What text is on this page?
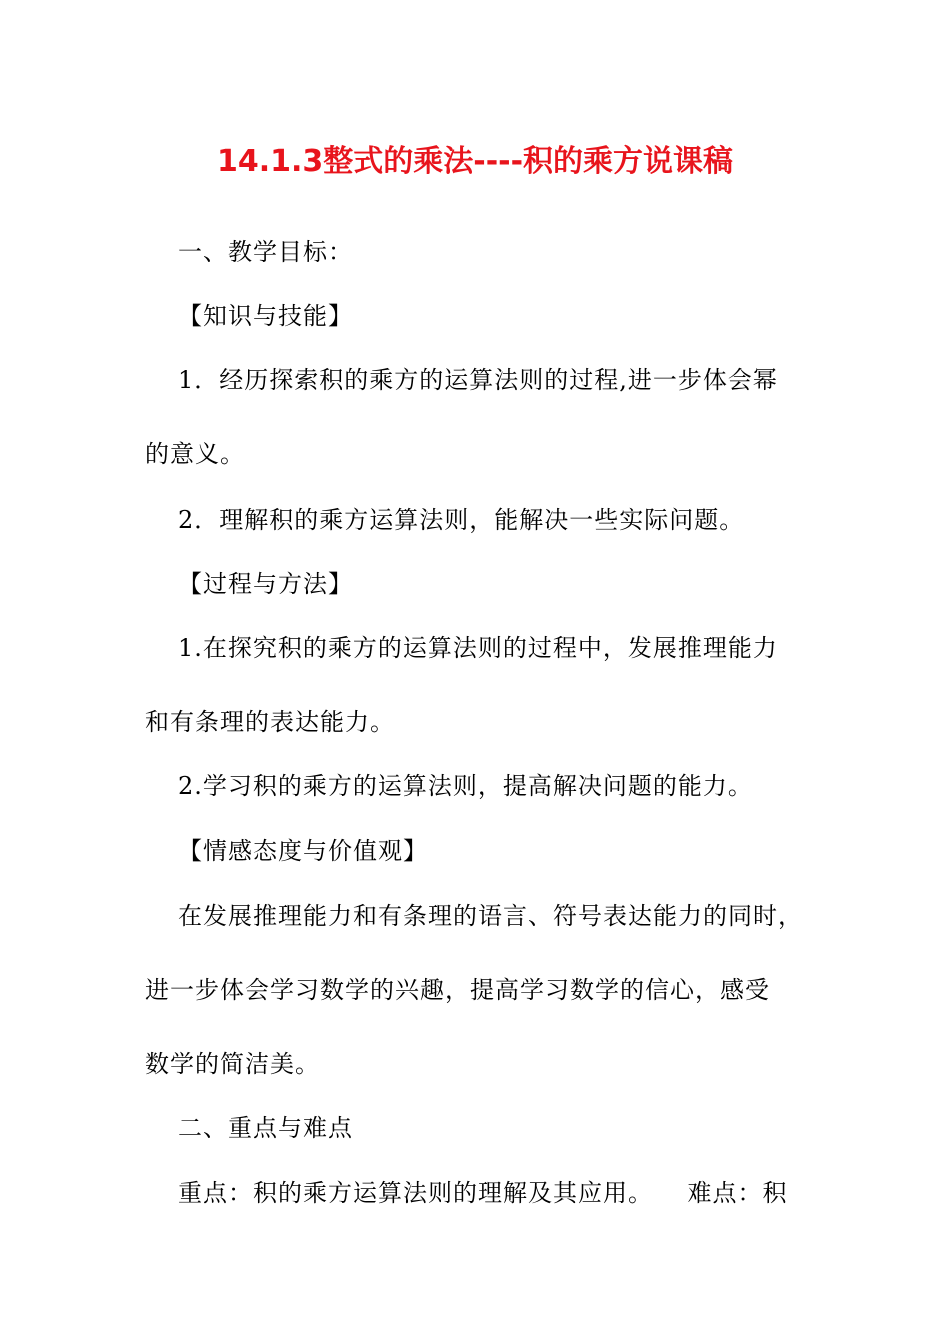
14.1.3整式的乘法----积的乘方说课稿
一、教学目标：
【知识与技能】
1．经历探索积的乘方的运算法则的过程,进一步体会幂
的意义。
2．理解积的乘方运算法则，能解决一些实际问题。
【过程与方法】
1.在探究积的乘方的运算法则的过程中，发展推理能力
和有条理的表达能力。
2.学习积的乘方的运算法则，提高解决问题的能力。
【情感态度与价值观】
在发展推理能力和有条理的语言、符号表达能力的同时，
进一步体会学习数学的兴趣，提高学习数学的信心，感受
数学的简洁美。
二、重点与难点
重点：积的乘方运算法则的理解及其应用。    难点：积
